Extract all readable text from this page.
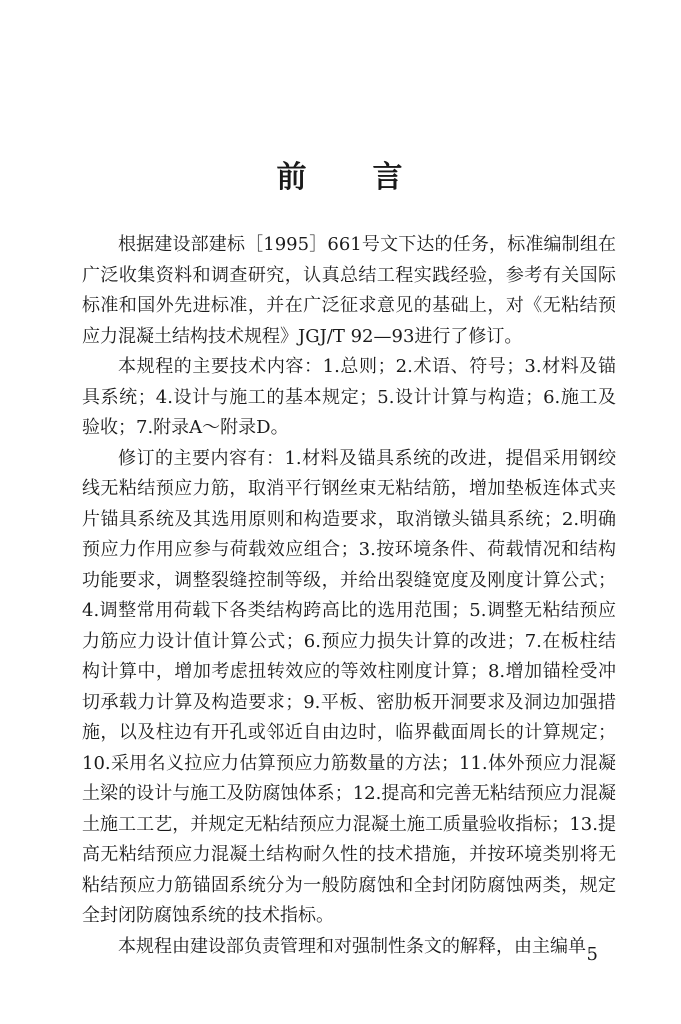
前　　言

根据建设部建标［1995］661号文下达的任务，标准编制组在广泛收集资料和调查研究，认真总结工程实践经验，参考有关国际标准和国外先进标准，并在广泛征求意见的基础上，对《无粘结预应力混凝土结构技术规程》JGJ/T 92—93进行了修订。

本规程的主要技术内容：1.总则；2.术语、符号；3.材料及锚具系统；4.设计与施工的基本规定；5.设计计算与构造；6.施工及验收；7.附录A～附录D。

修订的主要内容有：1.材料及锚具系统的改进，提倡采用钢绞线无粘结预应力筋，取消平行钢丝束无粘结筋，增加垫板连体式夹片锚具系统及其选用原则和构造要求，取消镦头锚具系统；2.明确预应力作用应参与荷载效应组合；3.按环境条件、荷载情况和结构功能要求，调整裂缝控制等级，并给出裂缝宽度及刚度计算公式；4.调整常用荷载下各类结构跨高比的选用范围；5.调整无粘结预应力筋应力设计值计算公式；6.预应力损失计算的改进；7.在板柱结构计算中，增加考虑扭转效应的等效柱刚度计算；8.增加锚栓受冲切承载力计算及构造要求；9.平板、密肋板开洞要求及洞边加强措施，以及柱边有开孔或邻近自由边时，临界截面周长的计算规定；10.采用名义拉应力估算预应力筋数量的方法；11.体外预应力混凝土梁的设计与施工及防腐蚀体系；12.提高和完善无粘结预应力混凝土施工工艺，并规定无粘结预应力混凝土施工质量验收指标；13.提高无粘结预应力混凝土结构耐久性的技术措施，并按环境类别将无粘结预应力筋锚固系统分为一般防腐蚀和全封闭防腐蚀两类，规定全封闭防腐蚀系统的技术指标。

本规程由建设部负责管理和对强制性条文的解释，由主编单 5
